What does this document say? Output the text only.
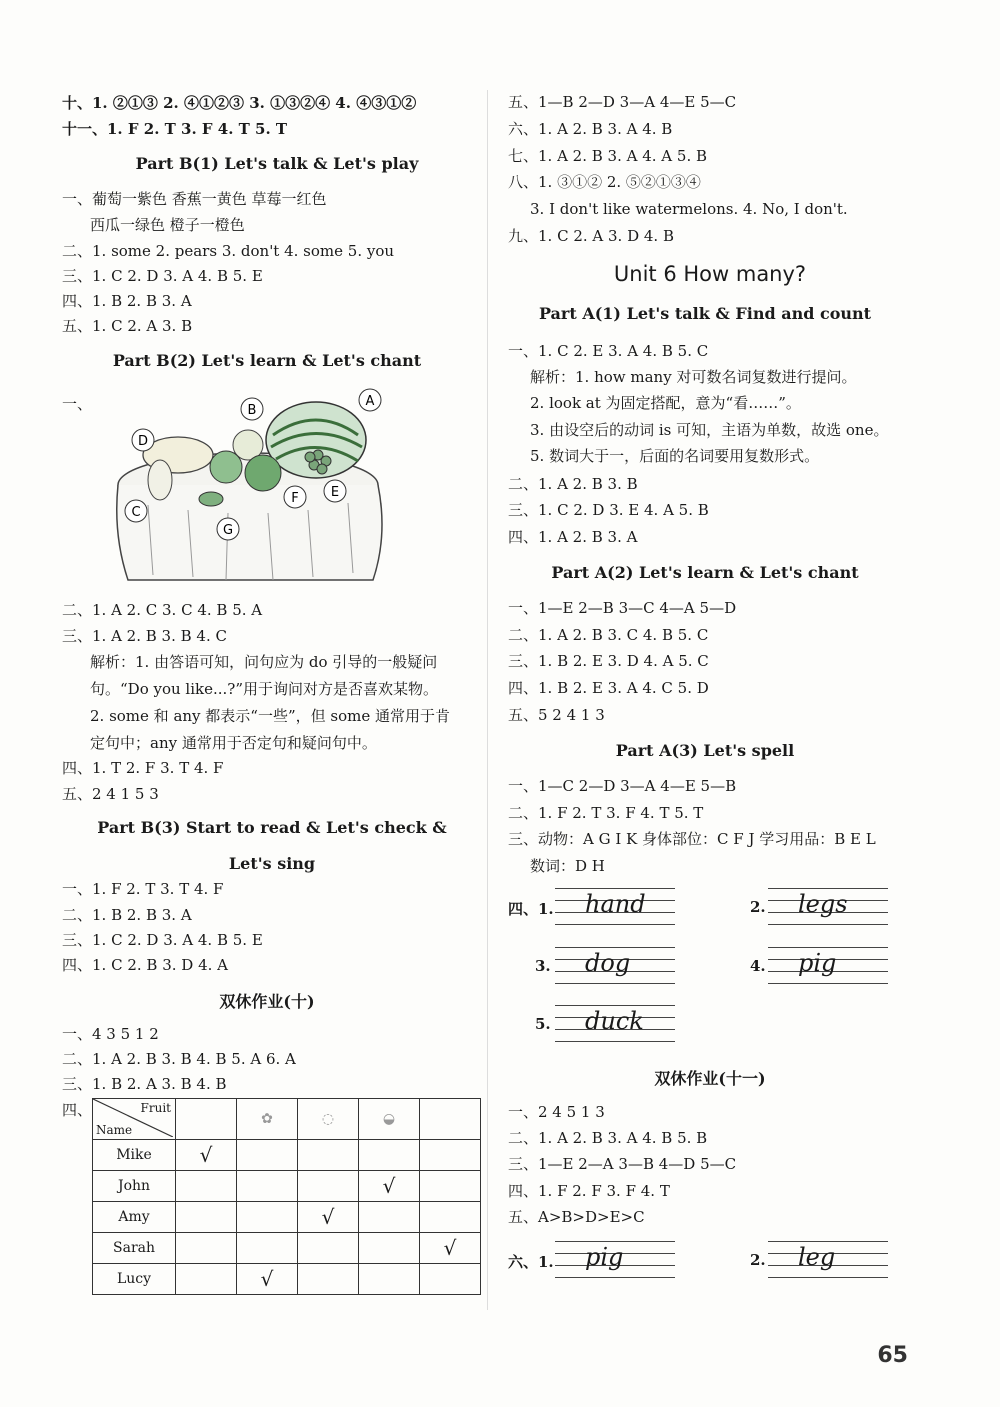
十、1. ②①③ 2. ④①②③ 3. ①③②④ 4. ④③①②
十一、1. F 2. T 3. F 4. T 5. T
Part B(1) Let's talk & Let's play
一、葡萄一紫色 香蕉一黄色 草莓一红色
西瓜一绿色 橙子一橙色
二、1. some 2. pears 3. don't 4. some 5. you
三、1. C 2. D 3. A 4. B 5. E
四、1. B 2. B 3. A
五、1. C 2. A 3. B
Part B(2) Let's learn & Let's chant
一、	B
A
D
C
E
F
G
二、1. A 2. C 3. C 4. B 5. A
三、1. A 2. B 3. B 4. C
解析：1. 由答语可知，问句应为 do 引导的一般疑问
句。“Do you like...?”用于询问对方是否喜欢某物。
2. some 和 any 都表示“一些”，但 some 通常用于肯
定句中；any 通常用于否定句和疑问句中。
四、1. T 2. F 3. T 4. F
五、2 4 1 5 3
Part B(3) Start to read & Let's check &
Let's sing
一、1. F 2. T 3. T 4. F
二、1. B 2. B 3. A
三、1. C 2. D 3. A 4. B 5. E
四、1. C 2. B 3. D 4. A
双休作业(十)
一、4 3 5 1 2
二、1. A 2. B 3. B 4. B 5. A 6. A
三、1. B 2. A 3. B 4. B
四、	Fruit
Name		✿	◌	◒	
Mike	√				
John				√	
Amy			√		
Sarah					√
Lucy		√			
五、1—B 2—D 3—A 4—E 5—C
六、1. A 2. B 3. A 4. B
七、1. A 2. B 3. A 4. A 5. B
八、1. ③①② 2. ⑤②①③④
3. I don't like watermelons. 4. No, I don't.
九、1. C 2. A 3. D 4. B
Unit 6 How many?
Part A(1) Let's talk & Find and count
一、1. C 2. E 3. A 4. B 5. C
解析：1. how many 对可数名词复数进行提问。
2. look at 为固定搭配，意为“看……”。
3. 由设空后的动词 is 可知，主语为单数，故选 one。
5. 数词大于一，后面的名词要用复数形式。
二、1. A 2. B 3. B
三、1. C 2. D 3. E 4. A 5. B
四、1. A 2. B 3. A
Part A(2) Let's learn & Let's chant
一、1—E 2—B 3—C 4—A 5—D
二、1. A 2. B 3. C 4. B 5. C
三、1. B 2. E 3. D 4. A 5. C
四、1. B 2. E 3. A 4. C 5. D
五、5 2 4 1 3
Part A(3) Let's spell
一、1—C 2—D 3—A 4—E 5—B
二、1. F 2. T 3. F 4. T 5. T
三、动物：A G I K 身体部位：C F J 学习用品：B E L
数词：D H
四、1. hand	2. legs
3. dog	4. pig
5. duck
双休作业(十一)
一、2 4 5 1 3
二、1. A 2. B 3. A 4. B 5. B
三、1—E 2—A 3—B 4—D 5—C
四、1. F 2. F 3. F 4. T
五、A>B>D>E>C
六、1. pig	2. leg
65
